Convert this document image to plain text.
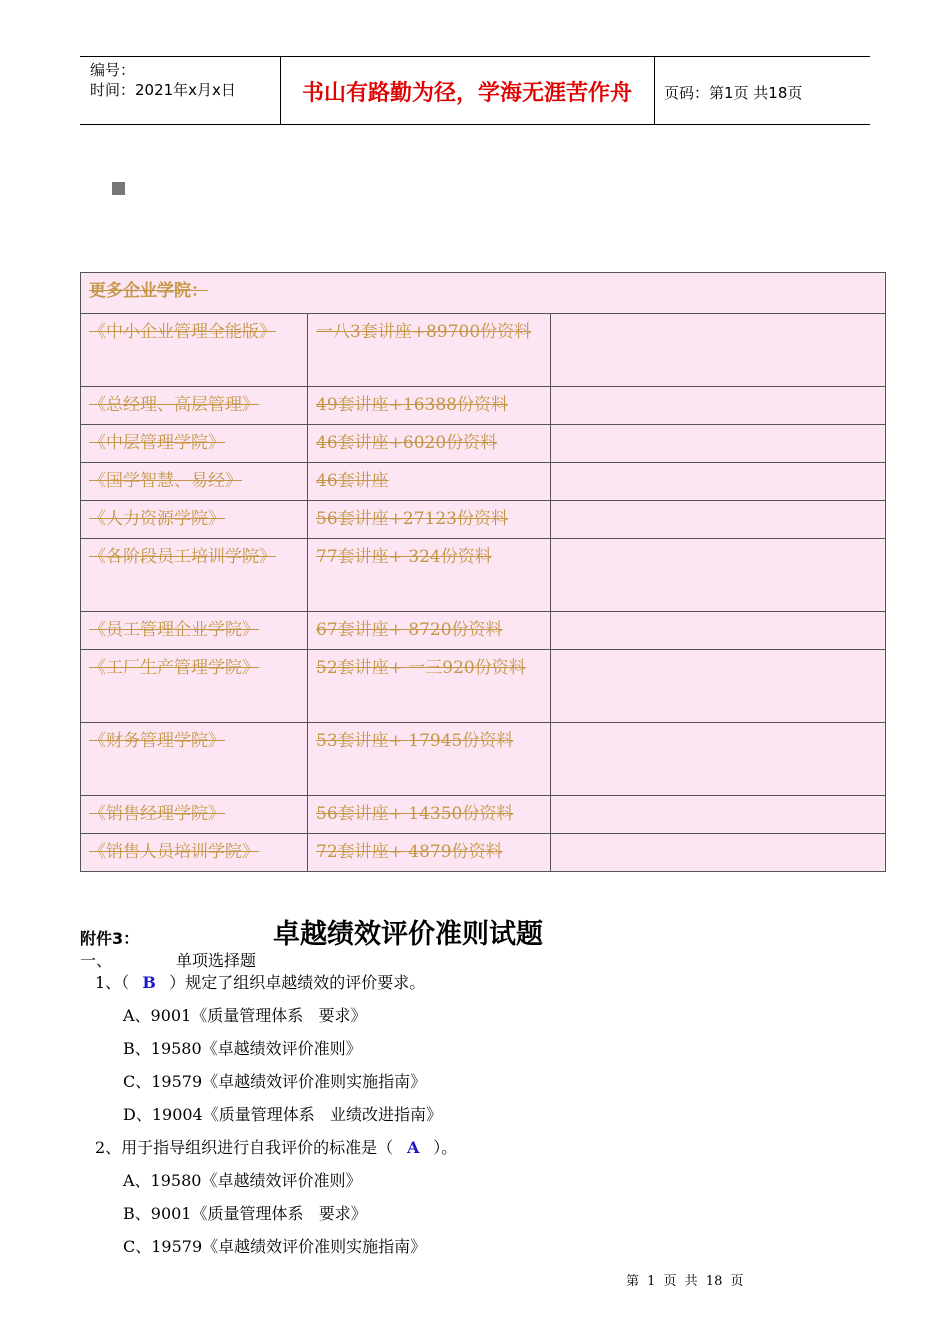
编号：
时间：2021年x月x日	书山有路勤为径，学海无涯苦作舟	页码：第1页 共18页
更多企业学院：		
《中小企业管理全能版》	一八3套讲座+89700份资料	
《总经理、高层管理》	49套讲座+16388份资料	
《中层管理学院》	46套讲座+6020份资料	
《国学智慧、易经》	46套讲座	
《人力资源学院》	56套讲座+27123份资料	
《各阶段员工培训学院》	77套讲座+ 324份资料	
《员工管理企业学院》	67套讲座+ 8720份资料	
《工厂生产管理学院》	52套讲座+ 一三920份资料	
《财务管理学院》	53套讲座+ 17945份资料	
《销售经理学院》	56套讲座+ 14350份资料	
《销售人员培训学院》	72套讲座+ 4879份资料	
附件3：	卓越绩效评价准则试题
一、	单项选择题
1、（ B ）规定了组织卓越绩效的评价要求。
A、9001《质量管理体系   要求》
B、19580《卓越绩效评价准则》
C、19579《卓越绩效评价准则实施指南》
D、19004《质量管理体系   业绩改进指南》
2、用于指导组织进行自我评价的标准是（ A ）。
A、19580《卓越绩效评价准则》
B、9001《质量管理体系   要求》
C、19579《卓越绩效评价准则实施指南》
第 1 页 共 18 页
